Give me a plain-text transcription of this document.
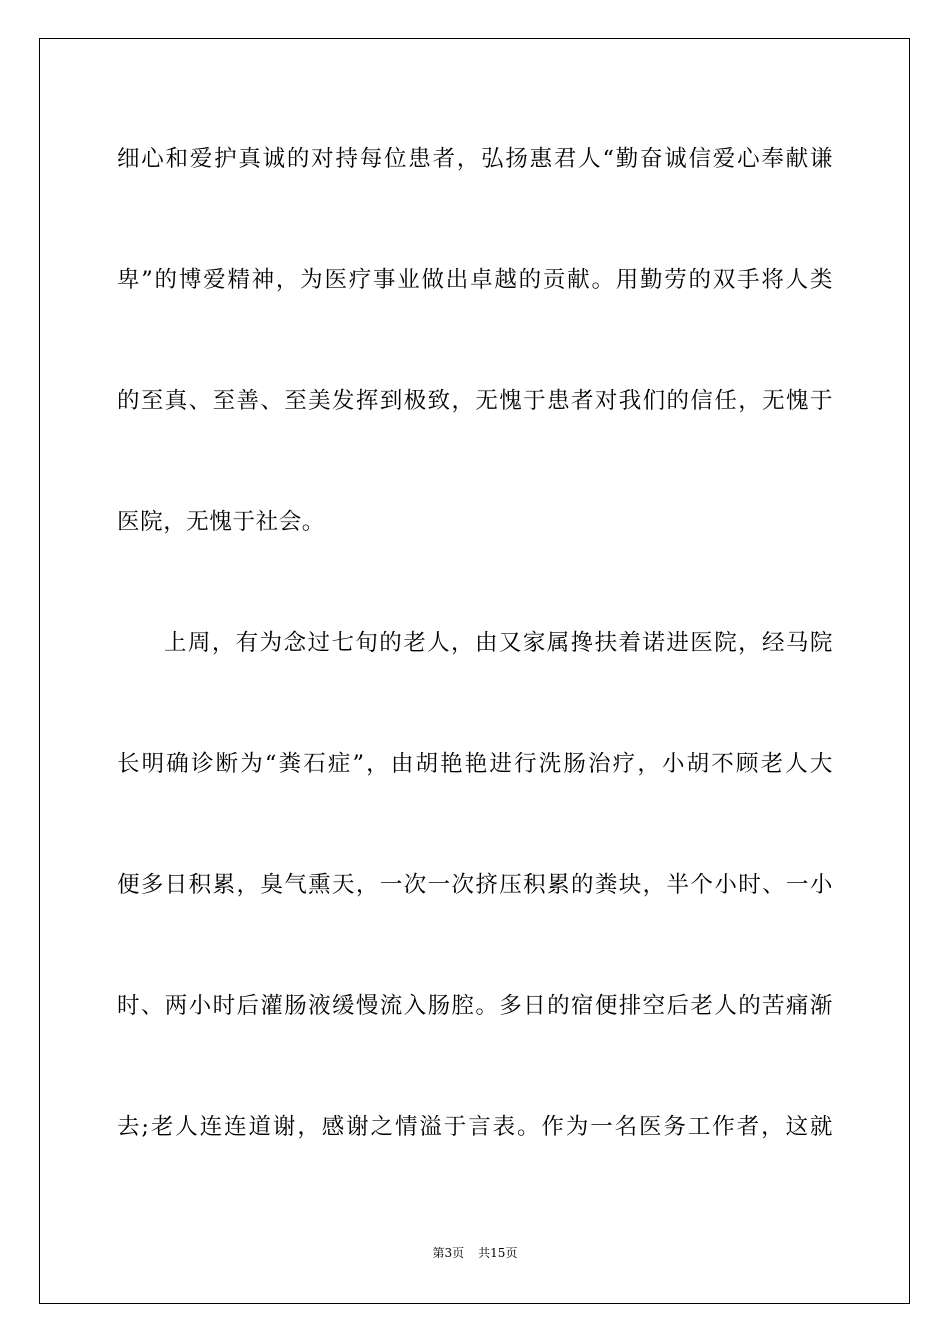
细心和爱护真诚的对持每位患者，弘扬惠君人“勤奋诚信爱心奉献谦
卑”的博爱精神，为医疗事业做出卓越的贡献。用勤劳的双手将人类
的至真、至善、至美发挥到极致，无愧于患者对我们的信任，无愧于
医院，无愧于社会。
上周，有为念过七旬的老人，由又家属搀扶着诺进医院，经马院
长明确诊断为“粪石症”，由胡艳艳进行洗肠治疗，小胡不顾老人大
便多日积累，臭气熏天，一次一次挤压积累的粪块，半个小时、一小
时、两小时后灌肠液缓慢流入肠腔。多日的宿便排空后老人的苦痛渐
去;老人连连道谢，感谢之情溢于言表。作为一名医务工作者，这就
第3页 共15页
